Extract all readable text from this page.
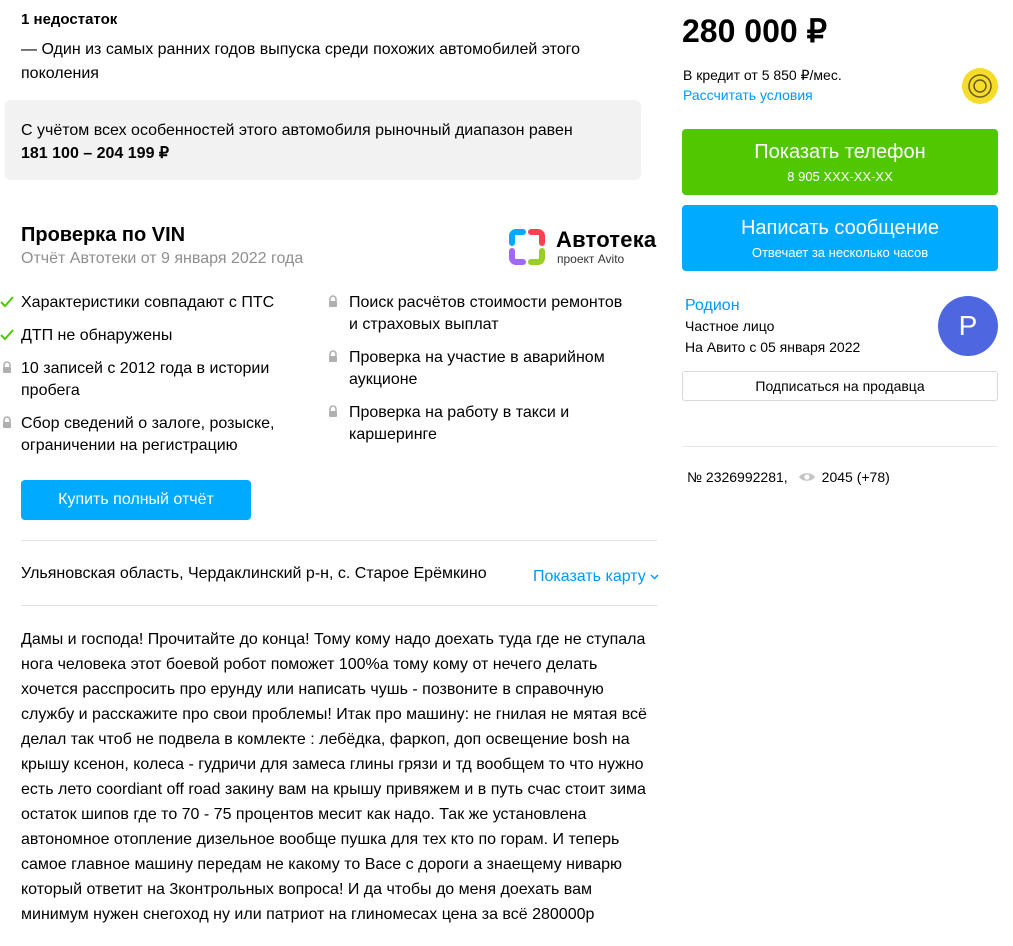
1 недостаток
— Один из самых ранних годов выпуска среди похожих автомобилей этого поколения
С учётом всех особенностей этого автомобиля рыночный диапазон равен
181 100 – 204 199 ₽
Проверка по VIN
Отчёт Автотеки от 9 января 2022 года
Автотека
проект Avito
Характеристики совпадают с ПТС
ДТП не обнаружены
10 записей с 2012 года в истории пробега
Сбор сведений о залоге, розыске, ограничении на регистрацию
Поиск расчётов стоимости ремонтов и страховых выплат
Проверка на участие в аварийном аукционе
Проверка на работу в такси и каршеринге
Купить полный отчёт
Ульяновская область, Чердаклинский р-н, с. Старое Ерёмкино	Показать карту
Дамы и господа! Прочитайте до конца! Тому кому надо доехать туда где не ступала нога человека этот боевой робот поможет 100%а тому кому от нечего делать хочется расспросить про ерунду или написать чушь - позвоните в справочную службу и расскажите про свои проблемы! Итак про машину: не гнилая не мятая всё делал так чтоб не подвела в комлекте : лебёдка, фаркоп, доп освещение bosh на крышу ксенон, колеса - гудричи для замеса глины грязи и тд вообщем то что нужно есть лето coordiant off road закину вам на крышу привяжем и в путь счас стоит зима остаток шипов где то 70 - 75 процентов месит как надо. Так же установлена автономное отопление дизельное вообще пушка для тех кто по горам. И теперь самое главное машину передам не какому то Васе с дороги а знаещему ниварю который ответит на 3контрольных вопроса! И да чтобы до меня доехать вам минимум нужен снегоход ну или патриот на глиномесах цена за всё 280000р
280 000 ₽
В кредит от 5 850 ₽/мес.
Рассчитать условия
Показать телефон
8 905 XXX-XX-XX
Написать сообщение
Отвечает за несколько часов
Родион
Частное лицо
На Авито с 05 января 2022
Р
Подписаться на продавца
№ 2326992281, 2045 (+78)
